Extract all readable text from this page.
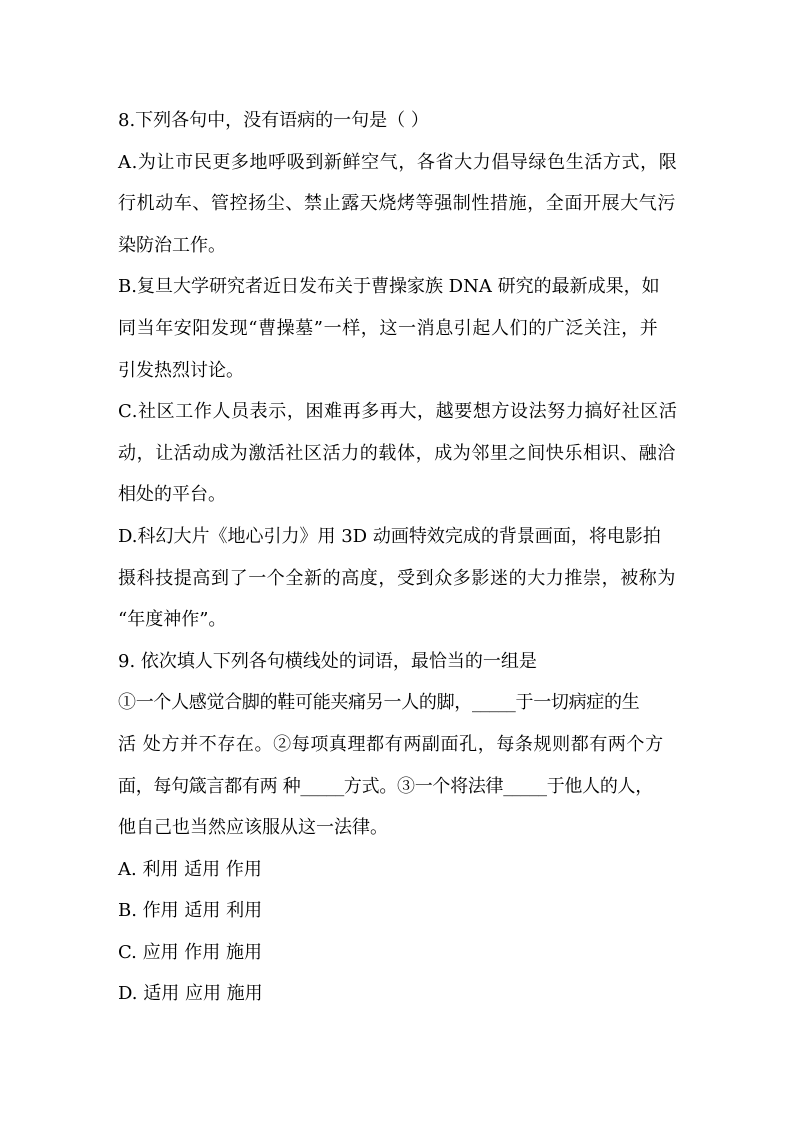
8.下列各句中，没有语病的一句是（ ）
A.为让市民更多地呼吸到新鲜空气，各省大力倡导绿色生活方式，限
行机动车、管控扬尘、禁止露天烧烤等强制性措施，全面开展大气污
染防治工作。
B.复旦大学研究者近日发布关于曹操家族 DNA 研究的最新成果，如
同当年安阳发现“曹操墓”一样，这一消息引起人们的广泛关注，并
引发热烈讨论。
C.社区工作人员表示，困难再多再大，越要想方设法努力搞好社区活
动，让活动成为激活社区活力的载体，成为邻里之间快乐相识、融洽
相处的平台。
D.科幻大片《地心引力》用 3D 动画特效完成的背景画面，将电影拍
摄科技提高到了一个全新的高度，受到众多影迷的大力推崇，被称为
“年度神作”。
9. 依次填人下列各句横线处的词语，最恰当的一组是
①一个人感觉合脚的鞋可能夹痛另一人的脚，_____于一切病症的生
活 处方并不存在。②每项真理都有两副面孔，每条规则都有两个方
面，每句箴言都有两 种_____方式。③一个将法律_____于他人的人，
他自己也当然应该服从这一法律。
A. 利用 适用 作用
B. 作用 适用 利用
C. 应用 作用 施用
D. 适用 应用 施用
